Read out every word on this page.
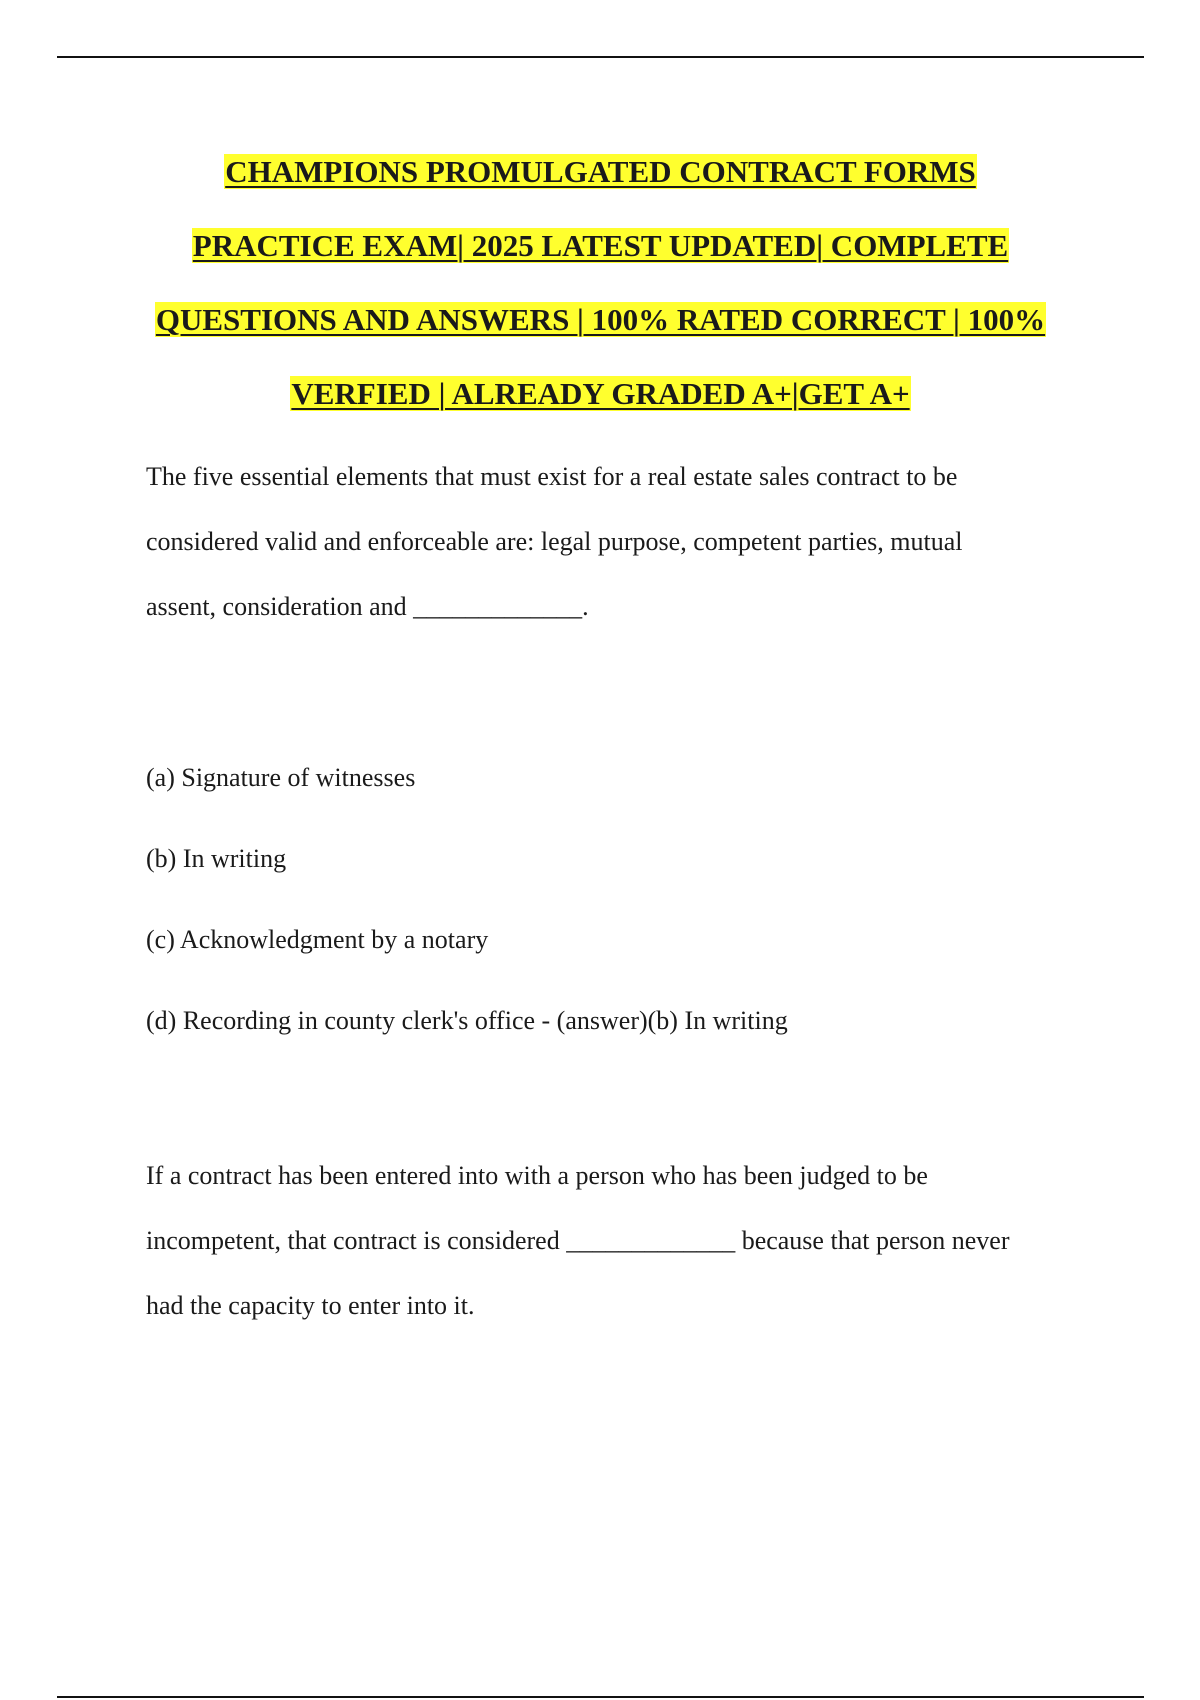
CHAMPIONS PROMULGATED CONTRACT FORMS
PRACTICE EXAM| 2025 LATEST UPDATED| COMPLETE
QUESTIONS AND ANSWERS | 100% RATED CORRECT | 100%
VERFIED | ALREADY GRADED A+|GET A+

The five essential elements that must exist for a real estate sales contract to be

considered valid and enforceable are: legal purpose, competent parties, mutual

assent, consideration and _____________.

(a) Signature of witnesses

(b) In writing

(c) Acknowledgment by a notary

(d) Recording in county clerk's office - (answer)(b) In writing

If a contract has been entered into with a person who has been judged to be

incompetent, that contract is considered _____________ because that person never

had the capacity to enter into it.
